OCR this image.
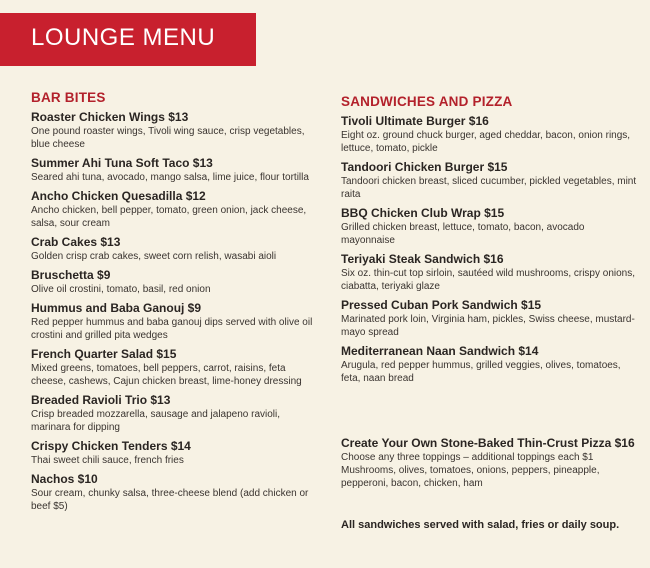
LOUNGE MENU
BAR BITES
Roaster Chicken Wings $13
One pound roaster wings, Tivoli wing sauce, crisp vegetables, blue cheese
Summer Ahi Tuna Soft Taco $13
Seared ahi tuna, avocado, mango salsa, lime juice, flour tortilla
Ancho Chicken Quesadilla $12
Ancho chicken, bell pepper, tomato, green onion, jack cheese, salsa, sour cream
Crab Cakes $13
Golden crisp crab cakes, sweet corn relish, wasabi aioli
Bruschetta $9
Olive oil crostini, tomato, basil, red onion
Hummus and Baba Ganouj $9
Red pepper hummus and baba ganouj dips served with olive oil crostini and grilled pita wedges
French Quarter Salad $15
Mixed greens, tomatoes, bell peppers, carrot, raisins, feta cheese, cashews, Cajun chicken breast, lime-honey dressing
Breaded Ravioli Trio $13
Crisp breaded mozzarella, sausage and jalapeno ravioli, marinara for dipping
Crispy Chicken Tenders $14
Thai sweet chili sauce, french fries
Nachos $10
Sour cream, chunky salsa, three-cheese blend (add chicken or beef $5)
SANDWICHES AND PIZZA
Tivoli Ultimate Burger $16
Eight oz. ground chuck burger, aged cheddar, bacon, onion rings, lettuce, tomato, pickle
Tandoori Chicken Burger $15
Tandoori chicken breast, sliced cucumber, pickled vegetables, mint raita
BBQ Chicken Club Wrap $15
Grilled chicken breast, lettuce, tomato, bacon, avocado mayonnaise
Teriyaki Steak Sandwich $16
Six oz. thin-cut top sirloin, sautéed wild mushrooms, crispy onions, ciabatta, teriyaki glaze
Pressed Cuban Pork Sandwich $15
Marinated pork loin, Virginia ham, pickles, Swiss cheese, mustard-mayo spread
Mediterranean Naan Sandwich $14
Arugula, red pepper hummus, grilled veggies, olives, tomatoes, feta, naan bread
Create Your Own Stone-Baked Thin-Crust Pizza $16
Choose any three toppings – additional toppings each $1 Mushrooms, olives, tomatoes, onions, peppers, pineapple, pepperoni, bacon, chicken, ham
All sandwiches served with salad, fries or daily soup.
